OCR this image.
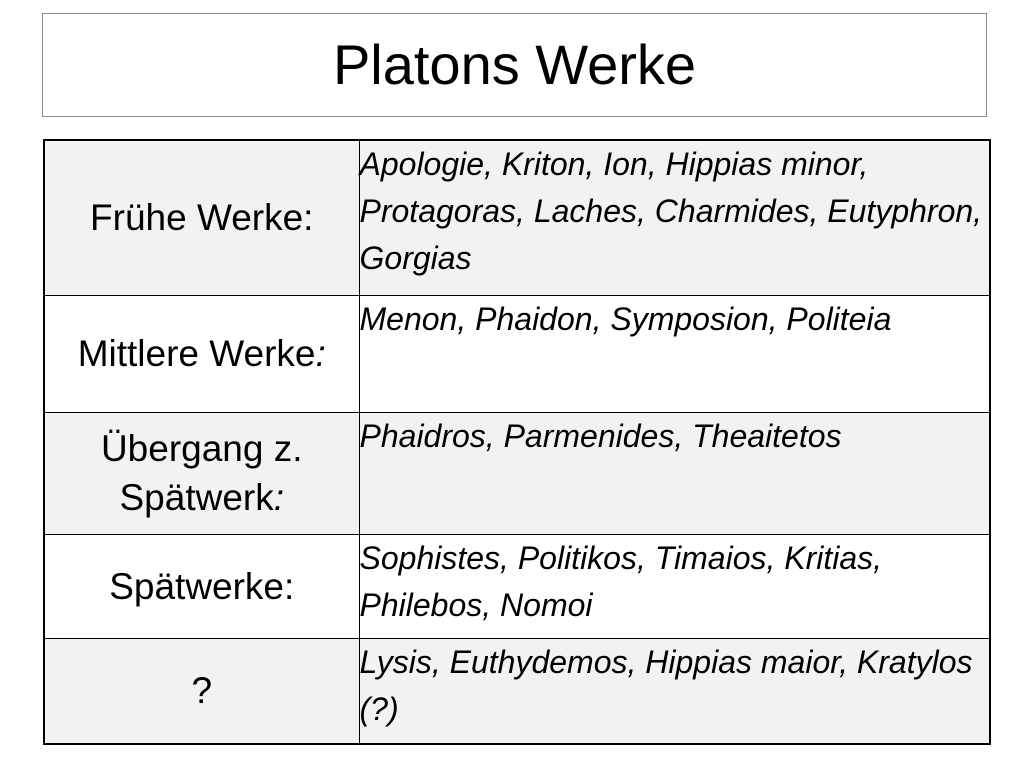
Platons Werke
Frühe Werke:	Apologie, Kriton, Ion, Hippias minor, Protagoras, Laches, Charmides, Eutyphron, Gorgias
Mittlere Werke:	Menon, Phaidon, Symposion, Politeia
Übergang z. Spätwerk:	Phaidros, Parmenides, Theaitetos
Spätwerke:	Sophistes, Politikos, Timaios, Kritias, Philebos, Nomoi
?	Lysis, Euthydemos, Hippias maior, Kratylos (?)
